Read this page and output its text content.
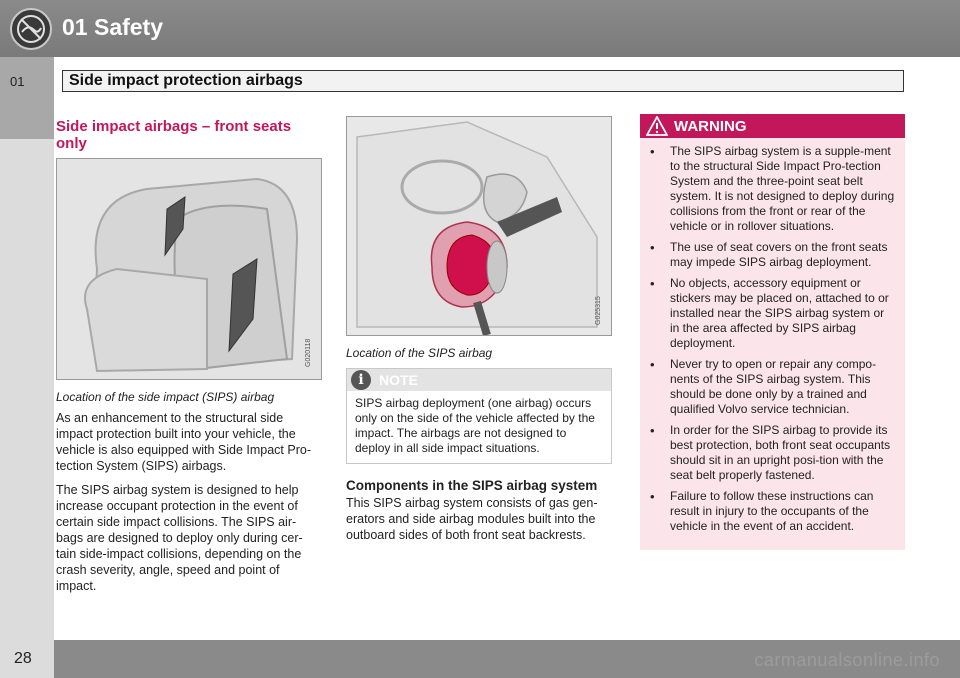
01 Safety
01	Side impact protection airbags
Side impact airbags – front seats only
G020118
Location of the side impact (SIPS) airbag

As an enhancement to the structural side impact protection built into your vehicle, the vehicle is also equipped with Side Impact Pro-tection System (SIPS) airbags.

The SIPS airbag system is designed to help increase occupant protection in the event of certain side impact collisions. The SIPS air-bags are designed to deploy only during cer-tain side-impact collisions, depending on the crash severity, angle, speed and point of impact.

G025315
Location of the SIPS airbag
i	NOTE
SIPS airbag deployment (one airbag) occurs only on the side of the vehicle affected by the impact. The airbags are not designed to deploy in all side impact situations.
Components in the SIPS airbag system

This SIPS airbag system consists of gas gen-erators and side airbag modules built into the outboard sides of both front seat backrests.

WARNING
• The SIPS airbag system is a supple-ment to the structural Side Impact Pro-tection System and the three-point seat belt system. It is not designed to deploy during collisions from the front or rear of the vehicle or in rollover situations.
• The use of seat covers on the front seats may impede SIPS airbag deployment.
• No objects, accessory equipment or stickers may be placed on, attached to or installed near the SIPS airbag system or in the area affected by SIPS airbag deployment.
• Never try to open or repair any compo-nents of the SIPS airbag system. This should be done only by a trained and qualified Volvo service technician.
• In order for the SIPS airbag to provide its best protection, both front seat occupants should sit in an upright posi-tion with the seat belt properly fastened.
• Failure to follow these instructions can result in injury to the occupants of the vehicle in the event of an accident.
28	carmanualsonline.info
